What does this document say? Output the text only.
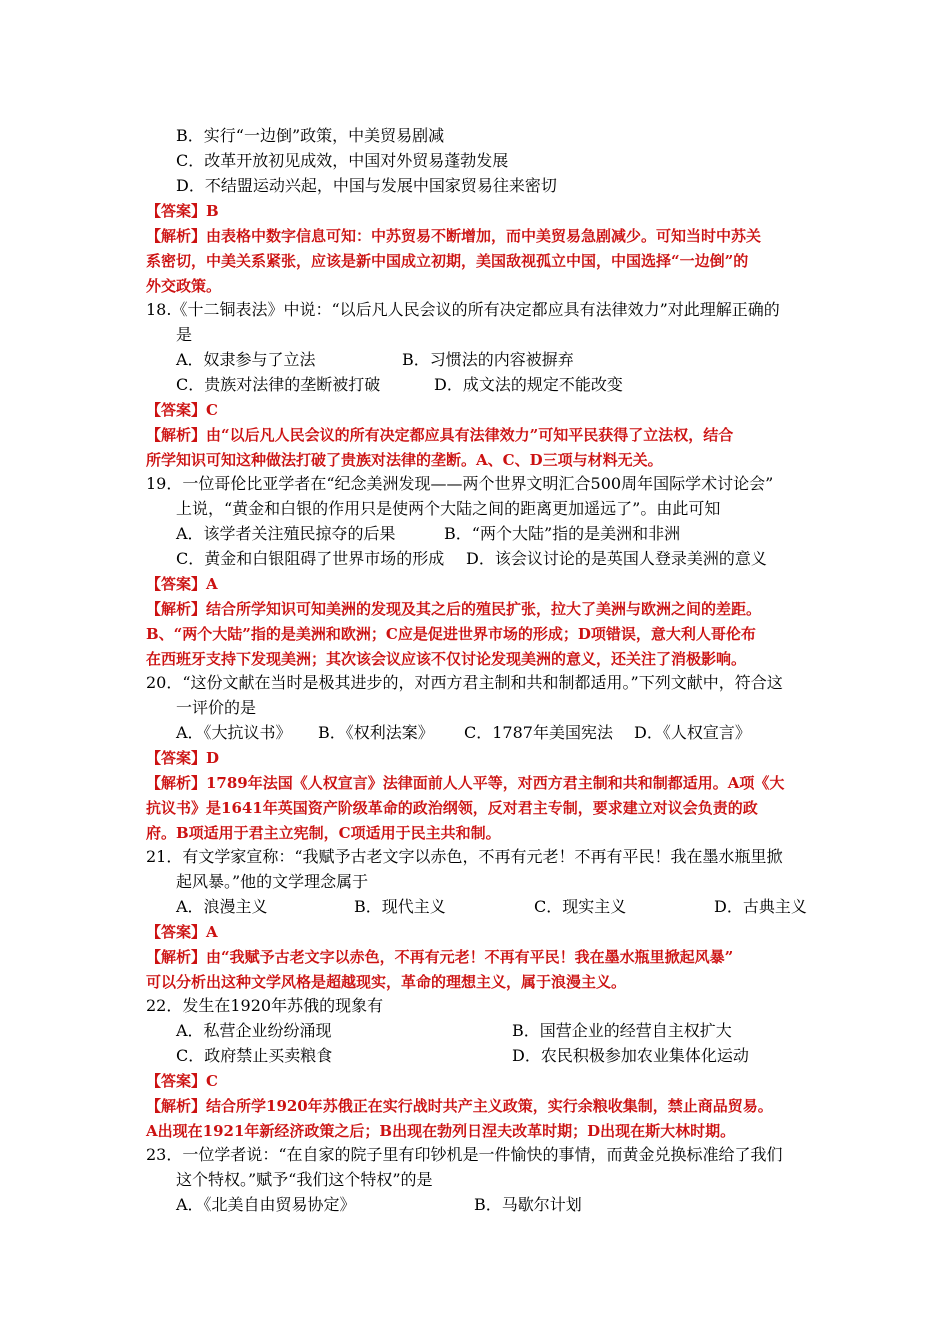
B．实行“一边倒”政策，中美贸易剧减
C．改革开放初见成效，中国对外贸易蓬勃发展
D．不结盟运动兴起，中国与发展中国家贸易往来密切
【答案】B
【解析】由表格中数字信息可知：中苏贸易不断增加，而中美贸易急剧减少。可知当时中苏关
系密切，中美关系紧张，应该是新中国成立初期，美国敌视孤立中国，中国选择“一边倒”的
外交政策。
18.《十二铜表法》中说：“以后凡人民会议的所有决定都应具有法律效力”对此理解正确的
是
A．奴隶参与了立法	B．习惯法的内容被摒弃
C．贵族对法律的垄断被打破	D．成文法的规定不能改变
【答案】C
【解析】由“以后凡人民会议的所有决定都应具有法律效力”可知平民获得了立法权，结合
所学知识可知这种做法打破了贵族对法律的垄断。A、C、D三项与材料无关。
19．一位哥伦比亚学者在“纪念美洲发现——两个世界文明汇合500周年国际学术讨论会”
上说，“黄金和白银的作用只是使两个大陆之间的距离更加遥远了”。由此可知
A．该学者关注殖民掠夺的后果	B．“两个大陆”指的是美洲和非洲
C．黄金和白银阻碍了世界市场的形成 D．该会议讨论的是英国人登录美洲的意义
【答案】A
【解析】结合所学知识可知美洲的发现及其之后的殖民扩张，拉大了美洲与欧洲之间的差距。
B、“两个大陆”指的是美洲和欧洲；C应是促进世界市场的形成；D项错误，意大利人哥伦布
在西班牙支持下发现美洲；其次该会议应该不仅讨论发现美洲的意义，还关注了消极影响。
20．“这份文献在当时是极其进步的，对西方君主制和共和制都适用。”下列文献中，符合这
一评价的是
A．《大抗议书》 B．《权利法案》 C．1787年美国宪法 D．《人权宣言》
【答案】D
【解析】1789年法国《人权宣言》法律面前人人平等，对西方君主制和共和制都适用。A项《大
抗议书》是1641年英国资产阶级革命的政治纲领，反对君主专制，要求建立对议会负责的政
府。B项适用于君主立宪制，C项适用于民主共和制。
21．有文学家宣称：“我赋予古老文字以赤色，不再有元老！不再有平民！我在墨水瓶里掀
起风暴。”他的文学理念属于
A．浪漫主义	B．现代主义	C．现实主义	D．古典主义
【答案】A
【解析】由“我赋予古老文字以赤色，不再有元老！不再有平民！我在墨水瓶里掀起风暴”
可以分析出这种文学风格是超越现实，革命的理想主义，属于浪漫主义。
22．发生在1920年苏俄的现象有
A．私营企业纷纷涌现	B．国营企业的经营自主权扩大
C．政府禁止买卖粮食	D．农民积极参加农业集体化运动
【答案】C
【解析】结合所学1920年苏俄正在实行战时共产主义政策，实行余粮收集制，禁止商品贸易。
A出现在1921年新经济政策之后；B出现在勃列日涅夫改革时期；D出现在斯大林时期。
23．一位学者说：“在自家的院子里有印钞机是一件愉快的事情，而黄金兑换标准给了我们
这个特权。”赋予“我们这个特权”的是
A．《北美自由贸易协定》	B．马歇尔计划
